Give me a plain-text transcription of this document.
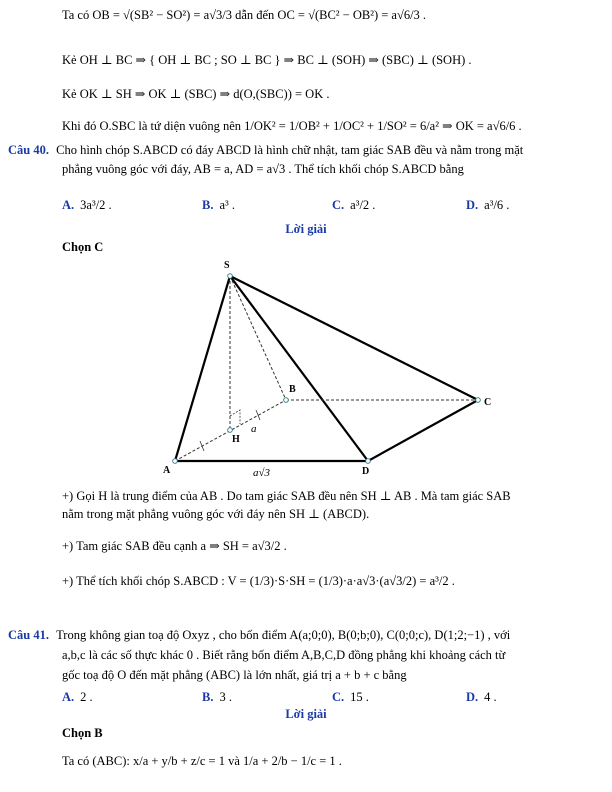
Ta có OB = √(SB² − SO²) = a√3/3 dẫn đến OC = √(BC² − OB²) = a√6/3 .
Kẻ OH ⊥ BC ⇒ { OH ⊥ BC ; SO ⊥ BC } ⇒ BC ⊥ (SOH) ⇒ (SBC) ⊥ (SOH) .
Kẻ OK ⊥ SH ⇒ OK ⊥ (SBC) ⇒ d(O,(SBC)) = OK .
Khi đó O.SBC là tứ diện vuông nên 1/OK² = 1/OB² + 1/OC² + 1/SO² = 6/a² ⇒ OK = a√6/6 .
Câu 40. Cho hình chóp S.ABCD có đáy ABCD là hình chữ nhật, tam giác SAB đều và nằm trong mặt
phẳng vuông góc với đáy, AB = a, AD = a√3 . Thể tích khối chóp S.ABCD bằng
A. 3a³/2 .	B. a³ .	C. a³/2 .	D. a³/6 .
Lời giải
Chọn C
S
A
B
C
D
H
a
a√3
+) Gọi H là trung điểm của AB . Do tam giác SAB đều nên SH ⊥ AB . Mà tam giác SAB
nằm trong mặt phẳng vuông góc với đáy nên SH ⊥ (ABCD).
+) Tam giác SAB đều cạnh a ⇒ SH = a√3/2 .
+) Thể tích khối chóp S.ABCD : V = (1/3)·S·SH = (1/3)·a·a√3·(a√3/2) = a³/2 .
Câu 41. Trong không gian toạ độ Oxyz , cho bốn điểm A(a;0;0), B(0;b;0), C(0;0;c), D(1;2;−1) , với
a,b,c là các số thực khác 0 . Biết rằng bốn điểm A,B,C,D đồng phẳng khi khoảng cách từ
gốc toạ độ O đến mặt phẳng (ABC) là lớn nhất, giá trị a + b + c bằng
A. 2 .	B. 3 .	C. 15 .	D. 4 .
Lời giải
Chọn B
Ta có (ABC): x/a + y/b + z/c = 1 và 1/a + 2/b − 1/c = 1 .
